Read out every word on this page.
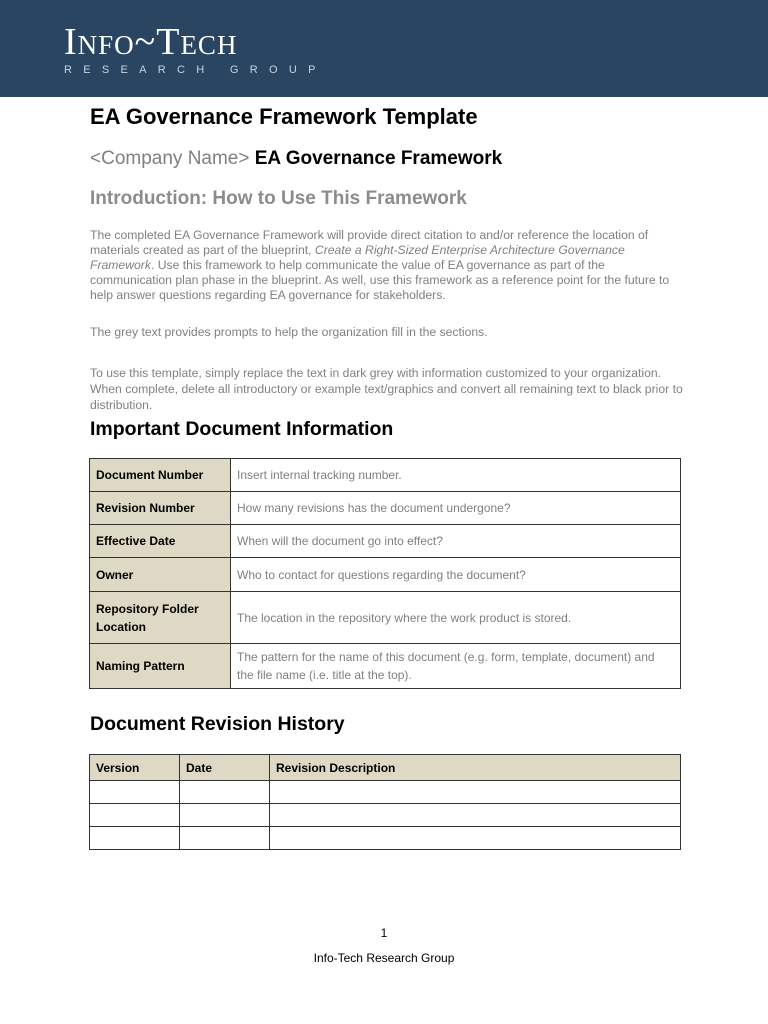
Info~Tech
RESEARCH GROUP
EA Governance Framework Template
<Company Name> EA Governance Framework
Introduction: How to Use This Framework
The completed EA Governance Framework will provide direct citation to and/or reference the location of materials created as part of the blueprint, Create a Right-Sized Enterprise Architecture Governance Framework. Use this framework to help communicate the value of EA governance as part of the communication plan phase in the blueprint. As well, use this framework as a reference point for the future to help answer questions regarding EA governance for stakeholders.
The grey text provides prompts to help the organization fill in the sections.
To use this template, simply replace the text in dark grey with information customized to your organization. When complete, delete all introductory or example text/graphics and convert all remaining text to black prior to distribution.
Important Document Information
Document Number	Insert internal tracking number.
Revision Number	How many revisions has the document undergone?
Effective Date	When will the document go into effect?
Owner	Who to contact for questions regarding the document?
Repository Folder Location	The location in the repository where the work product is stored.
Naming Pattern	The pattern for the name of this document (e.g. form, template, document) and the file name (i.e. title at the top).
Document Revision History
Version	Date	Revision Description

1
Info-Tech Research Group
